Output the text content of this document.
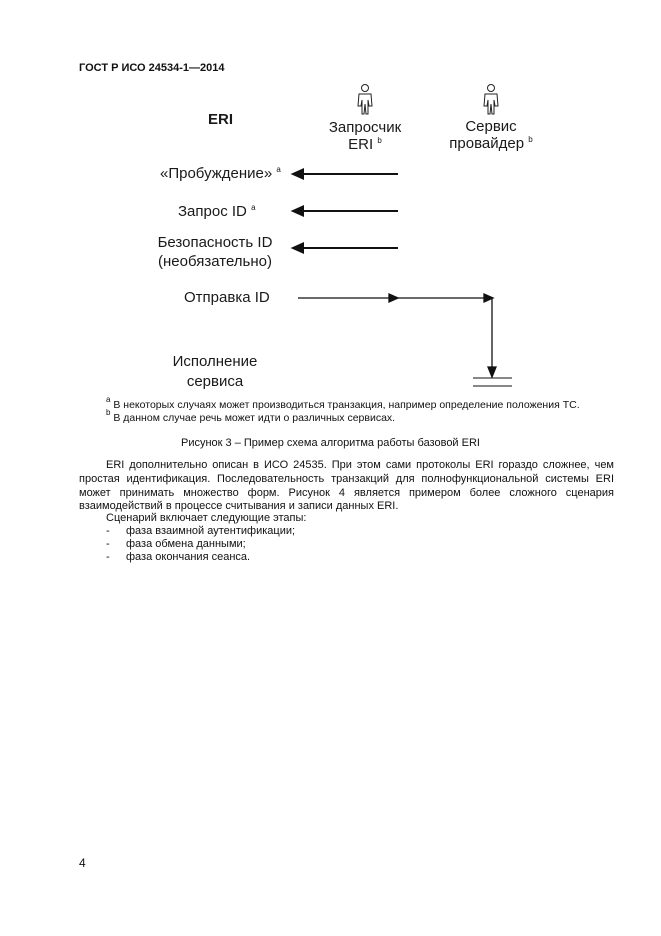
ГОСТ Р ИСО 24534-1—2014
ERI	Запросчик
ERI $^b$
Сервис
провайдер $^b$
«Пробуждение» $^a$
Запрос ID $^a$
Безопасность ID
(необязательно)
Отправка ID
Исполнение
сервиса
$^a$ В некоторых случаях может производиться транзакция, например определение положения ТС.
$^b$ В данном случае речь может идти о различных сервисах.
Рисунок 3 – Пример схема алгоритма работы базовой ERI
ERI дополнительно описан в ИСО 24535. При этом сами протоколы ERI гораздо сложнее, чем простая идентификация. Последовательность транзакций для полнофункциональной системы ERI может принимать множество форм. Рисунок 4 является примером более сложного сценария взаимодействий в процессе считывания и записи данных ERI.
Сценарий включает следующие этапы:
- фаза взаимной аутентификации;
- фаза обмена данными;
- фаза окончания сеанса.
4
